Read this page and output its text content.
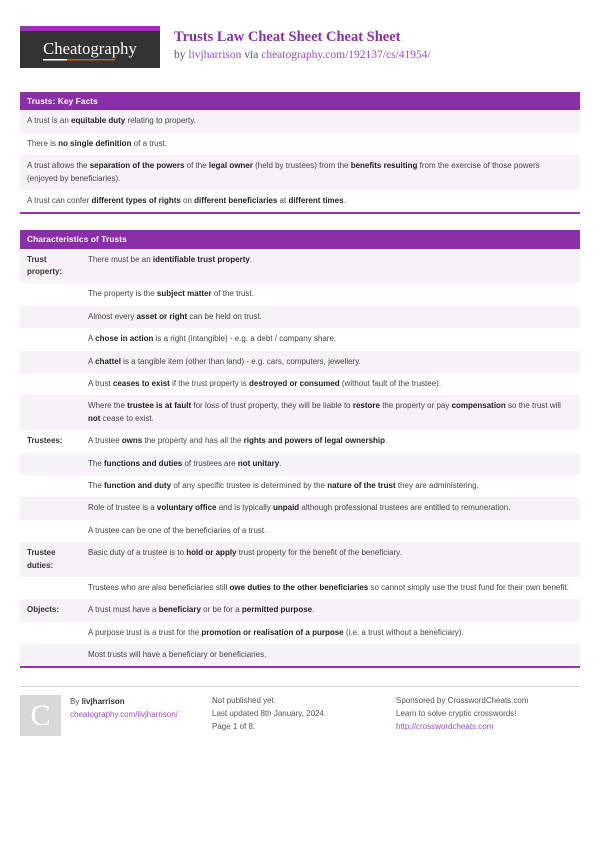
Cheatography
Trusts Law Cheat Sheet Cheat Sheet
by livjharrison via cheatography.com/192137/cs/41954/
Trusts: Key Facts
A trust is an equitable duty relating to property.
There is no single definition of a trust.
A trust allows the separation of the powers of the legal owner (held by trustees) from the benefits resulting from the exercise of those powers (enjoyed by beneficiaries).
A trust can confer different types of rights on different beneficiaries at different times.
Characteristics of Trusts
Trust property:
There must be an identifiable trust property.
The property is the subject matter of the trust.
Almost every asset or right can be held on trust.
A chose in action is a right (intangible) - e.g. a debt / company share.
A chattel is a tangible item (other than land) - e.g. cars, computers, jewellery.
A trust ceases to exist if the trust property is destroyed or consumed (without fault of the trustee).
Where the trustee is at fault for loss of trust property, they will be liable to restore the property or pay compensation so the trust will not cease to exist.
Trustees:	A trustee owns the property and has all the rights and powers of legal ownership.
The functions and duties of trustees are not unitary.
The function and duty of any specific trustee is determined by the nature of the trust they are administering.
Role of trustee is a voluntary office and is typically unpaid although professional trustees are entitled to remuneration.
A trustee can be one of the beneficiaries of a trust.
Trustee duties:
Basic duty of a trustee is to hold or apply trust property for the benefit of the beneficiary.
Trustees who are also beneficiaries still owe duties to the other beneficiaries so cannot simply use the trust fund for their own benefit.
Objects:	A trust must have a beneficiary or be for a permitted purpose.
A purpose trust is a trust for the promotion or realisation of a purpose (i.e. a trust without a beneficiary).
Most trusts will have a beneficiary or beneficiaries.
C	By livjharrison
cheatography.com/livjharrison/
Not published yet.
Last updated 8th January, 2024.
Page 1 of 8.
Sponsored by CrosswordCheats.com
Learn to solve cryptic crosswords!
http://crosswordcheats.com
